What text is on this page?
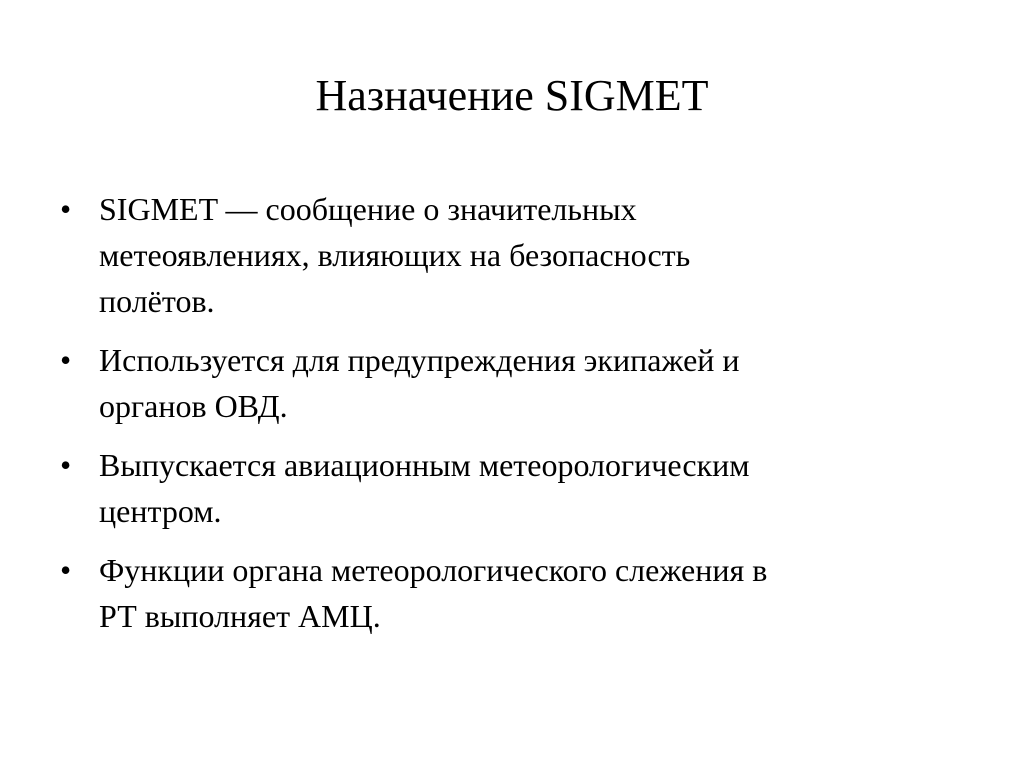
Назначение SIGMET
• SIGMET — сообщение о значительных
метеоявлениях, влияющих на безопасность
полётов.
• Используется для предупреждения экипажей и
органов ОВД.
• Выпускается авиационным метеорологическим
центром.
• Функции органа метеорологического слежения в
РТ выполняет АМЦ.
